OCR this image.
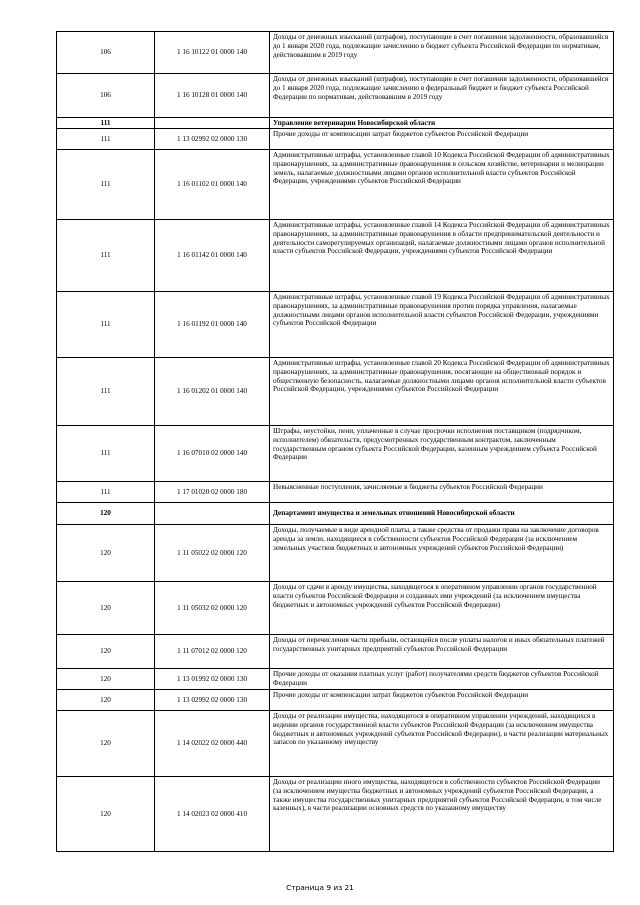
106	1 16 10122 01 0000 140	Доходы от денежных взысканий (штрафов), поступающие в счет погашения задолженности, образовавшейся до 1 января 2020 года, подлежащие зачислению в бюджет субъекта Российской Федерации по нормативам, действовавшим в 2019 году
106	1 16 10128 01 0000 140	Доходы от денежных взысканий (штрафов), поступающие в счет погашения задолженности, образовавшейся до 1 января 2020 года, подлежащие зачислению в федеральный бюджет и бюджет субъекта Российской Федерации по нормативам, действовавшим в 2019 году
111		Управление ветеринарии Новосибирской области
111	1 13 02992 02 0000 130	Прочие доходы от компенсации затрат бюджетов субъектов Российской Федерации
111	1 16 01102 01 0000 140	Административные штрафы, установленные главой 10 Кодекса Российской Федерации об административных правонарушениях, за административные правонарушения в сельском хозяйстве, ветеринарии и мелиорации земель, налагаемые должностными лицами органов исполнительной власти субъектов Российской Федерации, учреждениями субъектов Российской Федерации
111	1 16 01142 01 0000 140	Административные штрафы, установленные главой 14 Кодекса Российской Федерации об административных правонарушениях, за административные правонарушения в области предпринимательской деятельности и деятельности саморегулируемых организаций, налагаемые должностными лицами органов исполнительной власти субъектов Российской Федерации, учреждениями субъектов Российской Федерации
111	1 16 01192 01 0000 140	Административные штрафы, установленные главой 19 Кодекса Российской Федерации об административных правонарушениях, за административные правонарушения против порядка управления, налагаемые должностными лицами органов исполнительной власти субъектов Российской Федерации, учреждениями субъектов Российской Федерации
111	1 16 01202 01 0000 140	Административные штрафы, установленные главой 20 Кодекса Российской Федерации об административных правонарушениях, за административные правонарушения, посягающие на общественный порядок и общественную безопасность, налагаемые должностными лицами органов исполнительной власти субъектов Российской Федерации, учреждениями субъектов Российской Федерации
111	1 16 07010 02 0000 140	Штрафы, неустойки, пени, уплаченные в случае просрочки исполнения поставщиком (подрядчиком, исполнителем) обязательств, предусмотренных государственным контрактом, заключенным государственным органом субъекта Российской Федерации, казенным учреждением субъекта Российской Федерации
111	1 17 01020 02 0000 180	Невыясненные поступления, зачисляемые в бюджеты субъектов Российской Федерации
120		Департамент имущества и земельных отношений Новосибирской области
120	1 11 05022 02 0000 120	Доходы, получаемые в виде арендной платы, а также средства от продажи права на заключение договоров аренды за земли, находящиеся в собственности субъектов Российской Федерации (за исключением земельных участков бюджетных и автономных учреждений субъектов Российской Федерации)
120	1 11 05032 02 0000 120	Доходы от сдачи в аренду имущества, находящегося в оперативном управлении органов государственной власти субъектов Российской Федерации и созданных ими учреждений (за исключением имущества бюджетных и автономных учреждений субъектов Российской Федерации)
120	1 11 07012 02 0000 120	Доходы от перечисления части прибыли, остающейся после уплаты налогов и иных обязательных платежей государственных унитарных предприятий субъектов Российской Федерации
120	1 13 01992 02 0000 130	Прочие доходы от оказания платных услуг (работ) получателями средств бюджетов субъектов Российской Федерации
120	1 13 02992 02 0000 130	Прочие доходы от компенсации затрат бюджетов субъектов Российской Федерации
120	1 14 02022 02 0000 440	Доходы от реализации имущества, находящегося в оперативном управлении учреждений, находящихся в ведении органов государственной власти субъектов Российской Федерации (за исключением имущества бюджетных и автономных учреждений субъектов Российской Федерации), в части реализации материальных запасов по указанному имуществу
120	1 14 02023 02 0000 410	Доходы от реализации иного имущества, находящегося в собственности субъектов Российской Федерации (за исключением имущества бюджетных и автономных учреждений субъектов Российской Федерации, а также имущества государственных унитарных предприятий субъектов Российской Федерации, в том числе казенных), в части реализации основных средств по указанному имуществу
Страница 9 из 21
